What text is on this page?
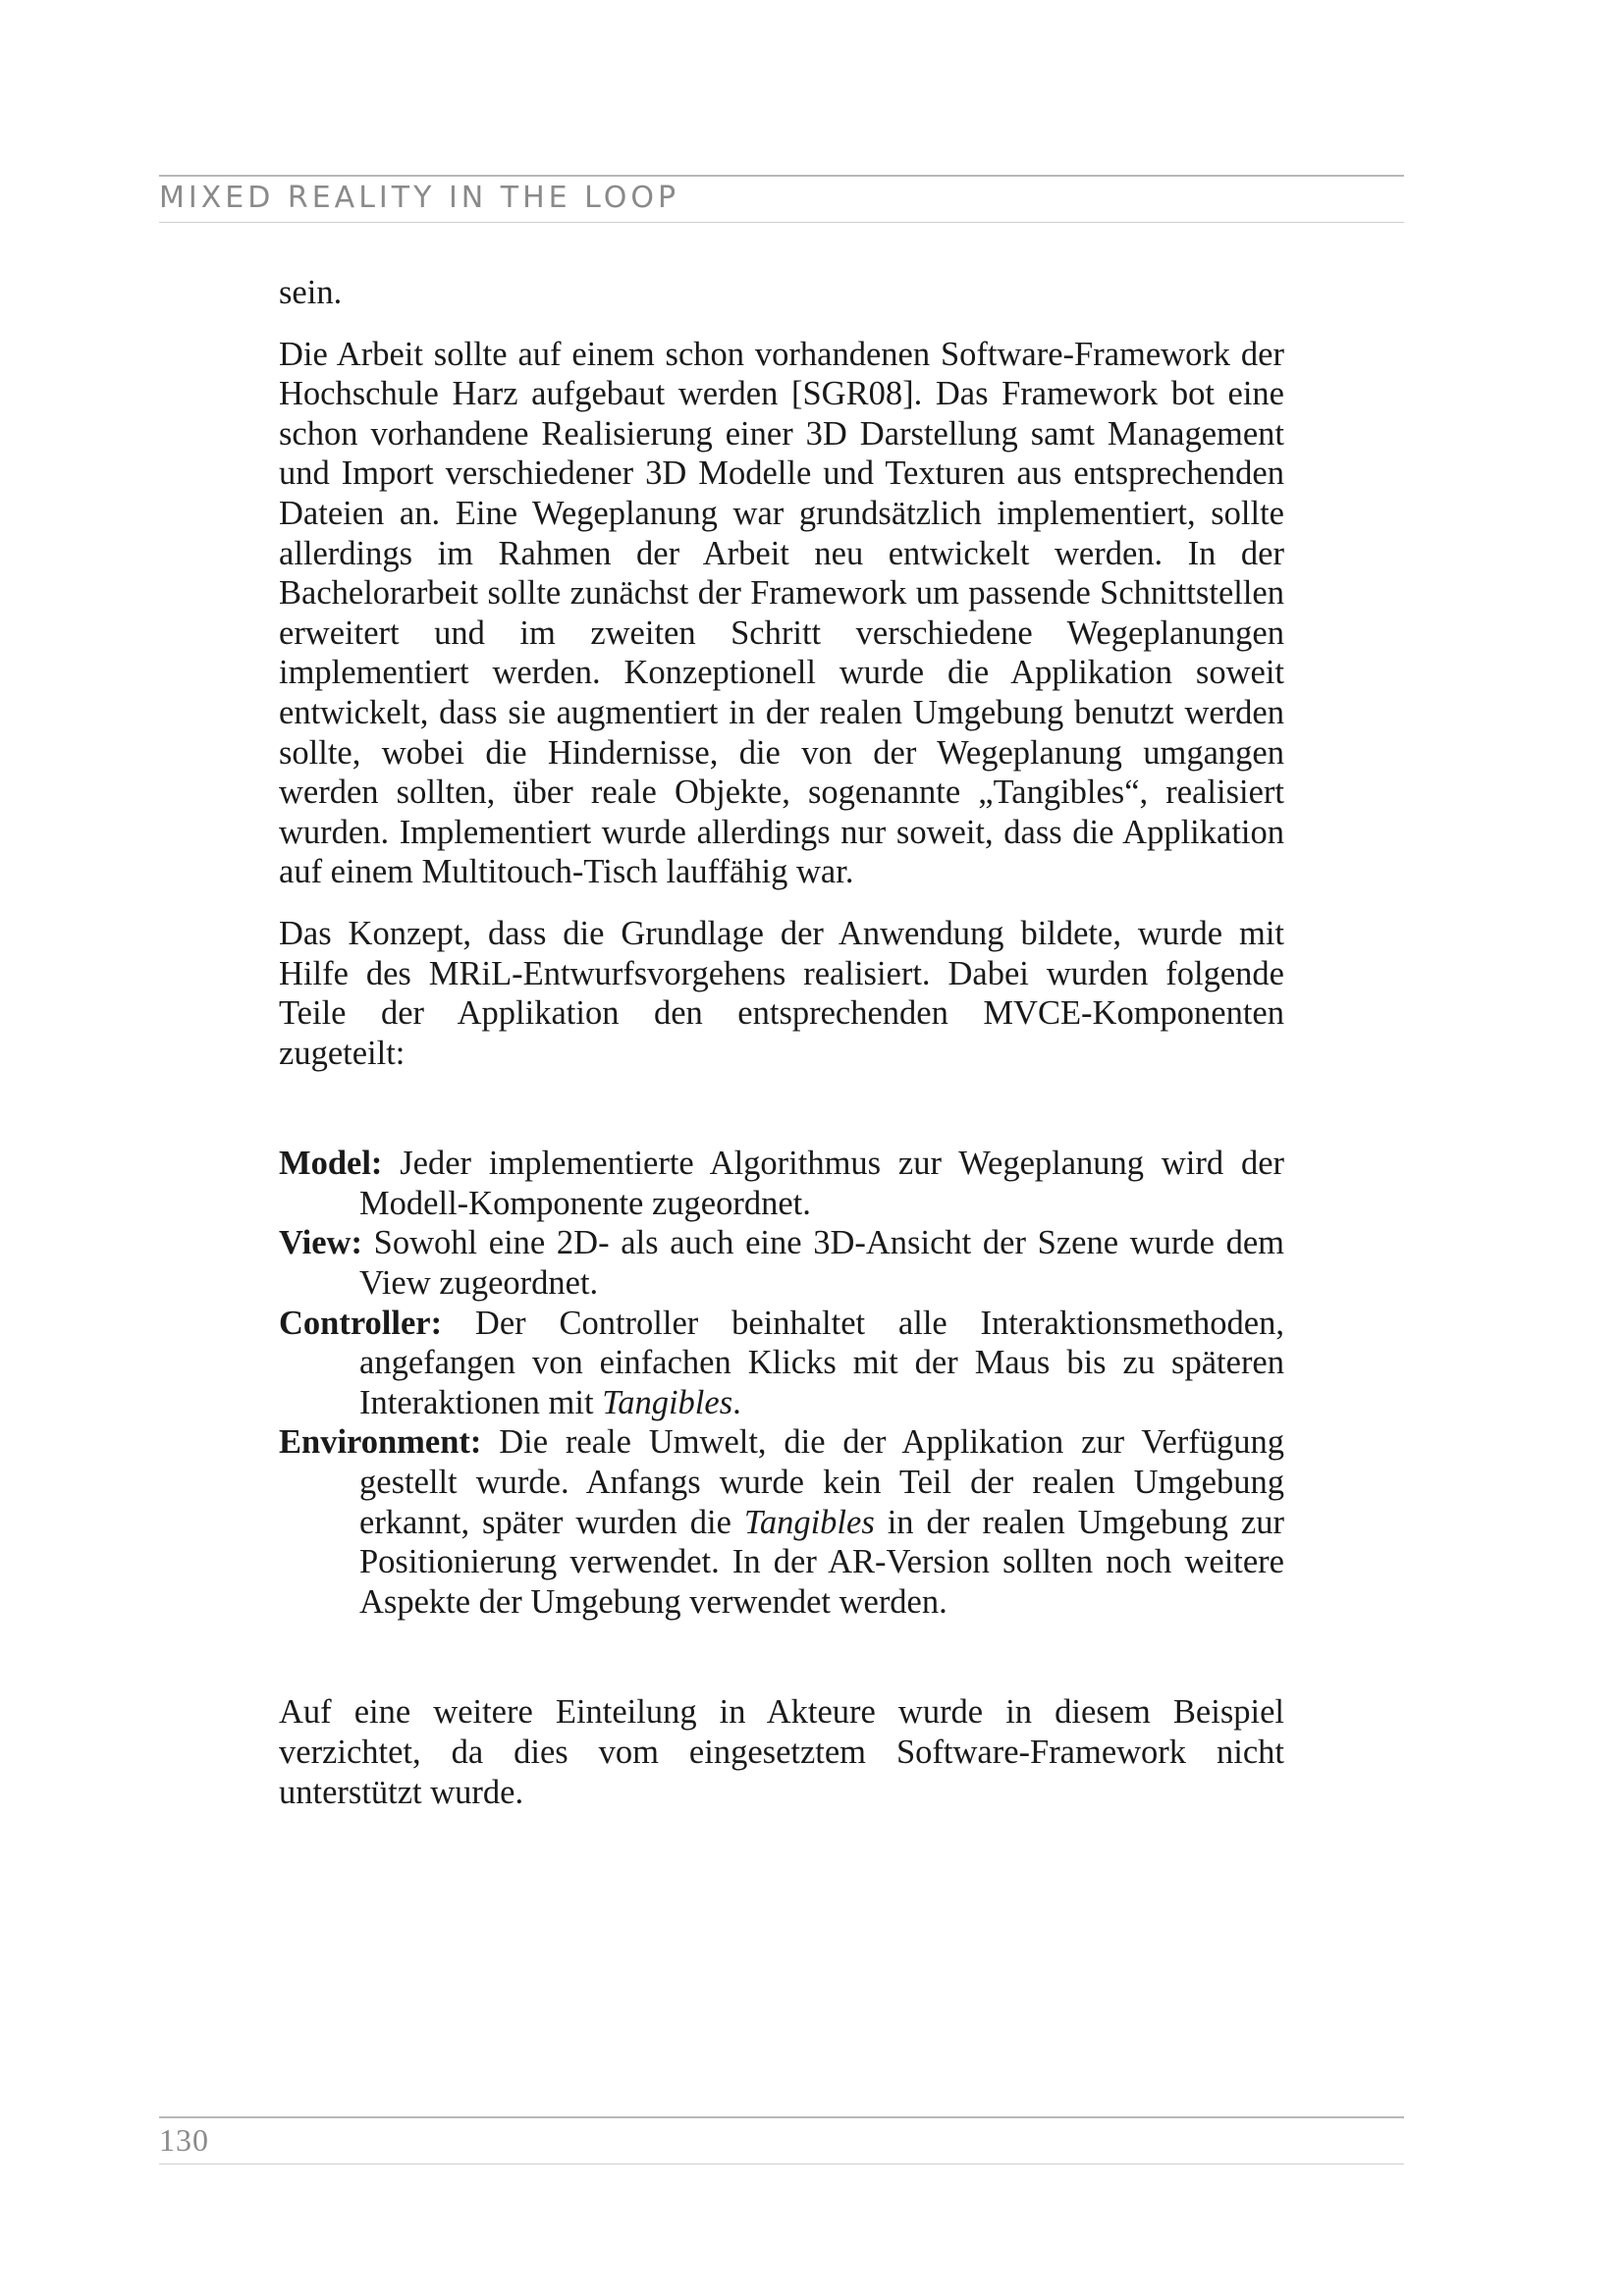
MIXED REALITY IN THE LOOP

sein.

Die Arbeit sollte auf einem schon vorhandenen Software-Framework der Hochschule Harz aufgebaut werden [SGR08]. Das Framework bot eine schon vorhandene Realisierung einer 3D Darstellung samt Management und Import verschiedener 3D Modelle und Texturen aus entsprechenden Dateien an. Eine Wegeplanung war grundsätzlich implementiert, sollte allerdings im Rahmen der Arbeit neu entwickelt werden. In der Bachelorarbeit sollte zunächst der Framework um passende Schnittstellen erweitert und im zweiten Schritt verschiedene Wegeplanungen implementiert werden. Konzeptionell wurde die Applikation soweit entwickelt, dass sie augmentiert in der realen Umgebung benutzt werden sollte, wobei die Hindernisse, die von der Wegeplanung umgangen werden sollten, über reale Objekte, sogenannte „Tangibles“, realisiert wurden. Implementiert wurde allerdings nur soweit, dass die Applikation auf einem Multitouch-Tisch lauffähig war.

Das Konzept, dass die Grundlage der Anwendung bildete, wurde mit Hilfe des MRiL-Entwurfsvorgehens realisiert. Dabei wurden folgende Teile der Applikation den entsprechenden MVCE-Komponenten zugeteilt:

Model: Jeder implementierte Algorithmus zur Wegeplanung wird der Modell-Komponente zugeordnet.

View: Sowohl eine 2D- als auch eine 3D-Ansicht der Szene wurde dem View zugeordnet.

Controller: Der Controller beinhaltet alle Interaktionsmethoden, angefangen von einfachen Klicks mit der Maus bis zu späteren Interaktionen mit Tangibles.

Environment: Die reale Umwelt, die der Applikation zur Verfügung gestellt wurde. Anfangs wurde kein Teil der realen Umgebung erkannt, später wurden die Tangibles in der realen Umgebung zur Positionierung verwendet. In der AR-Version sollten noch weitere Aspekte der Umgebung verwendet werden.

Auf eine weitere Einteilung in Akteure wurde in diesem Beispiel verzichtet, da dies vom eingesetztem Software-Framework nicht unterstützt wurde.

130
